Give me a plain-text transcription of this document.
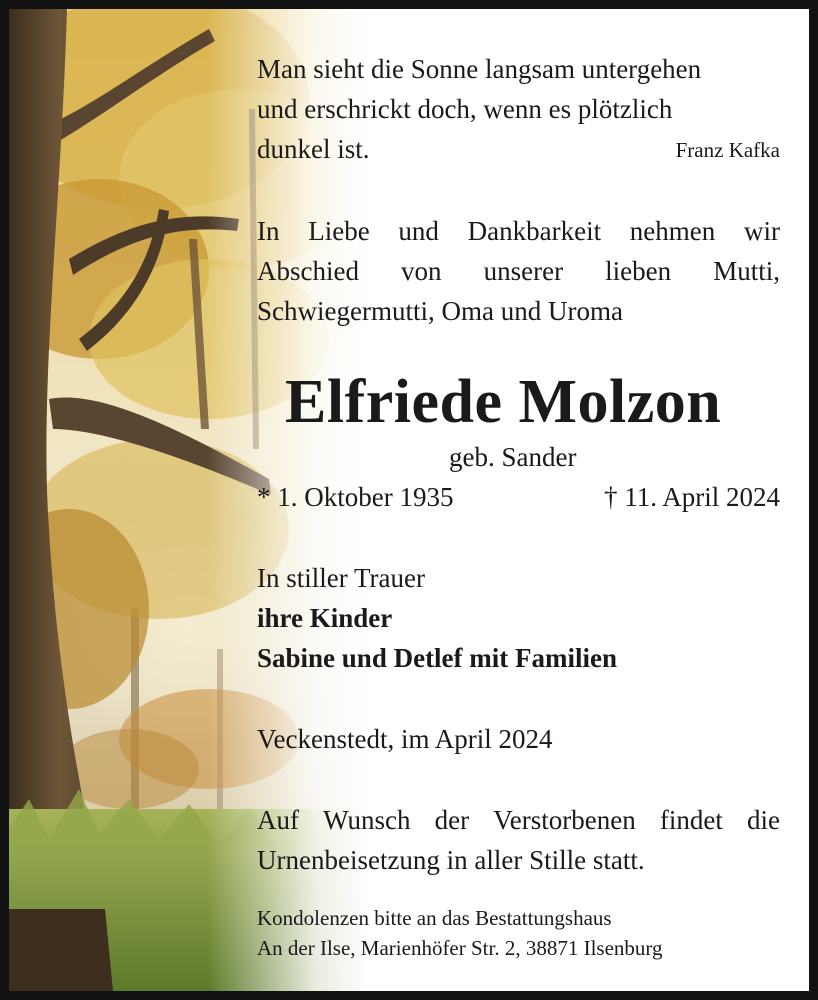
Man sieht die Sonne langsam untergehen
und erschrickt doch, wenn es plötzlich
dunkel ist.	Franz Kafka
In Liebe und Dankbarkeit nehmen wir
Abschied von unserer lieben Mutti,
Schwiegermutti, Oma und Uroma
Elfriede Molzon
geb. Sander
* 1. Oktober 1935	† 11. April 2024
In stiller Trauer
ihre Kinder
Sabine und Detlef mit Familien
Veckenstedt, im April 2024
Auf Wunsch der Verstorbenen findet die
Urnenbeisetzung in aller Stille statt.
Kondolenzen bitte an das Bestattungshaus
An der Ilse, Marienhöfer Str. 2, 38871 Ilsenburg
